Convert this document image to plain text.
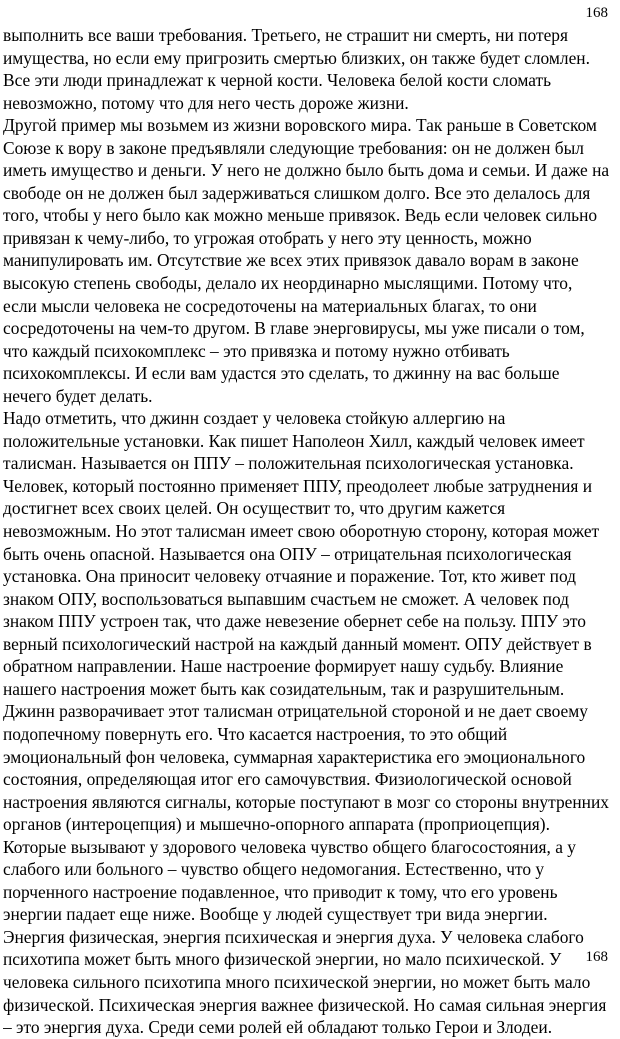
168
выполнить все ваши требования. Третьего, не страшит ни смерть, ни потеря
имущества, но если ему пригрозить смертью близких, он также будет сломлен.
Все эти люди принадлежат к черной кости. Человека белой кости сломать
невозможно, потому что для него честь дороже жизни.
Другой пример мы возьмем из жизни воровского мира. Так раньше в Советском
Союзе к вору в законе предъявляли следующие требования: он не должен был
иметь имущество и деньги. У него не должно было быть дома и семьи. И даже на
свободе он не должен был задерживаться слишком долго. Все это делалось для
того, чтобы у него было как можно меньше привязок. Ведь если человек сильно
привязан к чему-либо, то угрожая отобрать у него эту ценность, можно
манипулировать им. Отсутствие же всех этих привязок давало ворам в законе
высокую степень свободы, делало их неординарно мыслящими. Потому что,
если мысли человека не сосредоточены на материальных благах, то они
сосредоточены на чем-то другом. В главе энерговирусы, мы уже писали о том,
что каждый психокомплекс – это привязка и потому нужно отбивать
психокомплексы. И если вам удастся это сделать, то джинну на вас больше
нечего будет делать.
Надо отметить, что джинн создает у человека стойкую аллергию на
положительные установки. Как пишет Наполеон Хилл, каждый человек имеет
талисман. Называется он ППУ – положительная психологическая установка.
Человек, который постоянно применяет ППУ, преодолеет любые затруднения и
достигнет всех своих целей. Он осуществит то, что другим кажется
невозможным. Но этот талисман имеет свою оборотную сторону, которая может
быть очень опасной. Называется она ОПУ – отрицательная психологическая
установка. Она приносит человеку отчаяние и поражение. Тот, кто живет под
знаком ОПУ, воспользоваться выпавшим счастьем не сможет. А человек под
знаком ППУ устроен так, что даже невезение обернет себе на пользу. ППУ это
верный психологический настрой на каждый данный момент. ОПУ действует в
обратном направлении. Наше настроение формирует нашу судьбу. Влияние
нашего настроения может быть как созидательным, так и разрушительным.
Джинн разворачивает этот талисман отрицательной стороной и не дает своему
подопечному повернуть его. Что касается настроения, то это общий
эмоциональный фон человека, суммарная характеристика его эмоционального
состояния, определяющая итог его самочувствия. Физиологической основой
настроения являются сигналы, которые поступают в мозг со стороны внутренних
органов (интероцепция) и мышечно-опорного аппарата (проприоцепция).
Которые вызывают у здорового человека чувство общего благосостояния, а у
слабого или больного – чувство общего недомогания. Естественно, что у
порченного настроение подавленное, что приводит к тому, что его уровень
энергии падает еще ниже. Вообще у людей существует три вида энергии.
Энергия физическая, энергия психическая и энергия духа. У человека слабого
психотипа может быть много физической энергии, но мало психической. У
человека сильного психотипа много психической энергии, но может быть мало
физической. Психическая энергия важнее физической. Но самая сильная энергия
– это энергия духа. Среди семи ролей ей обладают только Герои и Злодеи.
168
